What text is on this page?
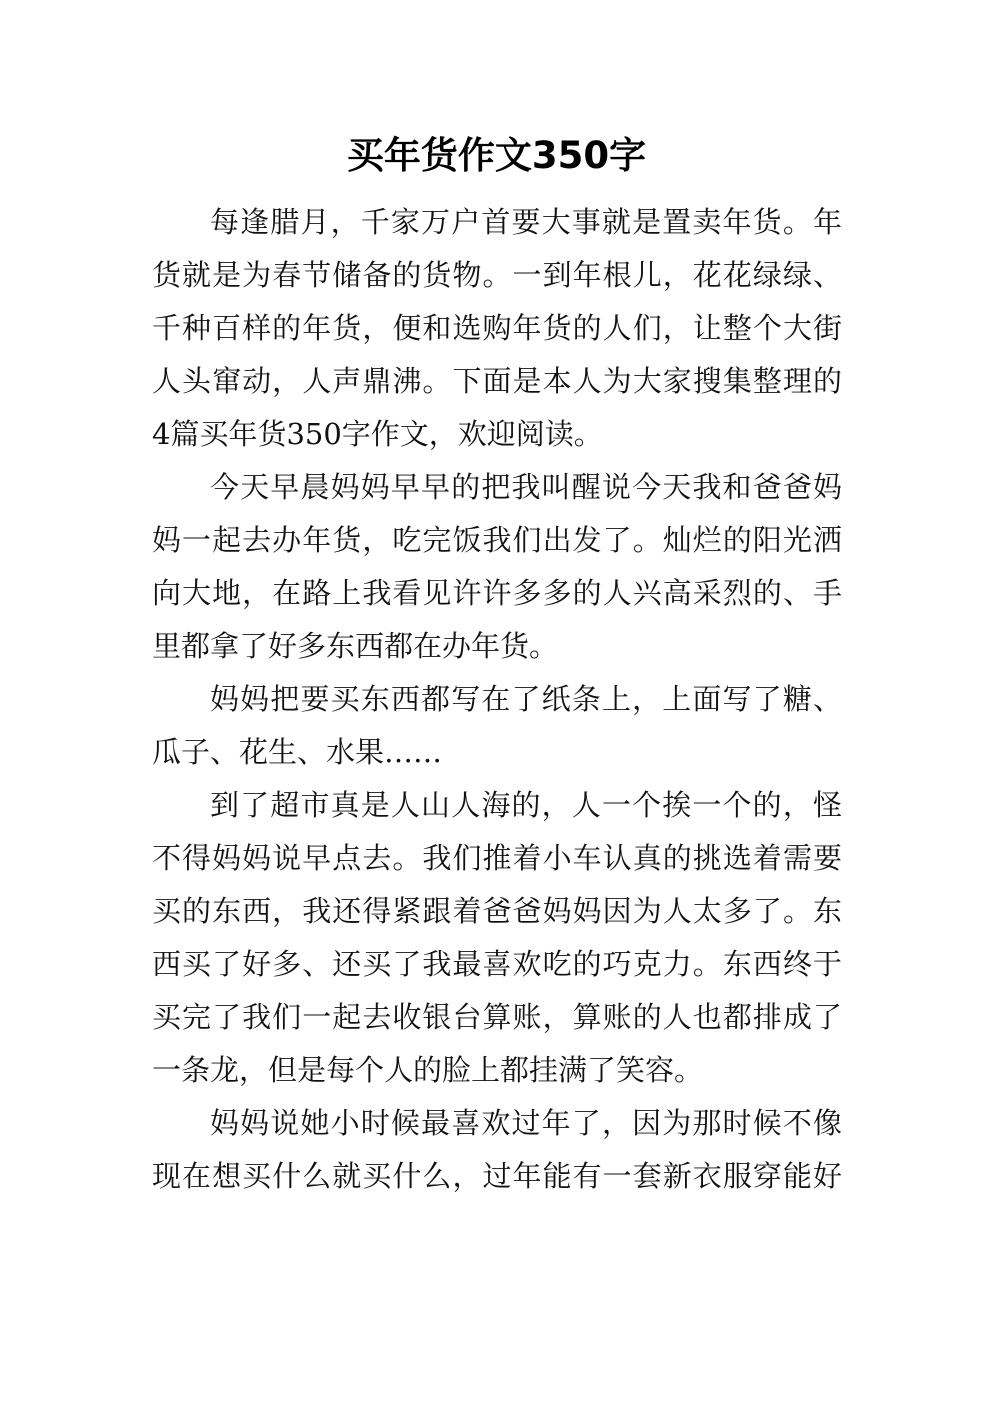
买年货作文350字
每逢腊月，千家万户首要大事就是置卖年货。年
货就是为春节储备的货物。一到年根儿，花花绿绿、
千种百样的年货，便和选购年货的人们，让整个大街
人头窜动，人声鼎沸。下面是本人为大家搜集整理的
4篇买年货350字作文，欢迎阅读。
今天早晨妈妈早早的把我叫醒说今天我和爸爸妈
妈一起去办年货，吃完饭我们出发了。灿烂的阳光洒
向大地，在路上我看见许许多多的人兴高采烈的、手
里都拿了好多东西都在办年货。
妈妈把要买东西都写在了纸条上，上面写了糖、
瓜子、花生、水果……
到了超市真是人山人海的，人一个挨一个的，怪
不得妈妈说早点去。我们推着小车认真的挑选着需要
买的东西，我还得紧跟着爸爸妈妈因为人太多了。东
西买了好多、还买了我最喜欢吃的巧克力。东西终于
买完了我们一起去收银台算账，算账的人也都排成了
一条龙，但是每个人的脸上都挂满了笑容。
妈妈说她小时候最喜欢过年了，因为那时候不像
现在想买什么就买什么，过年能有一套新衣服穿能好
